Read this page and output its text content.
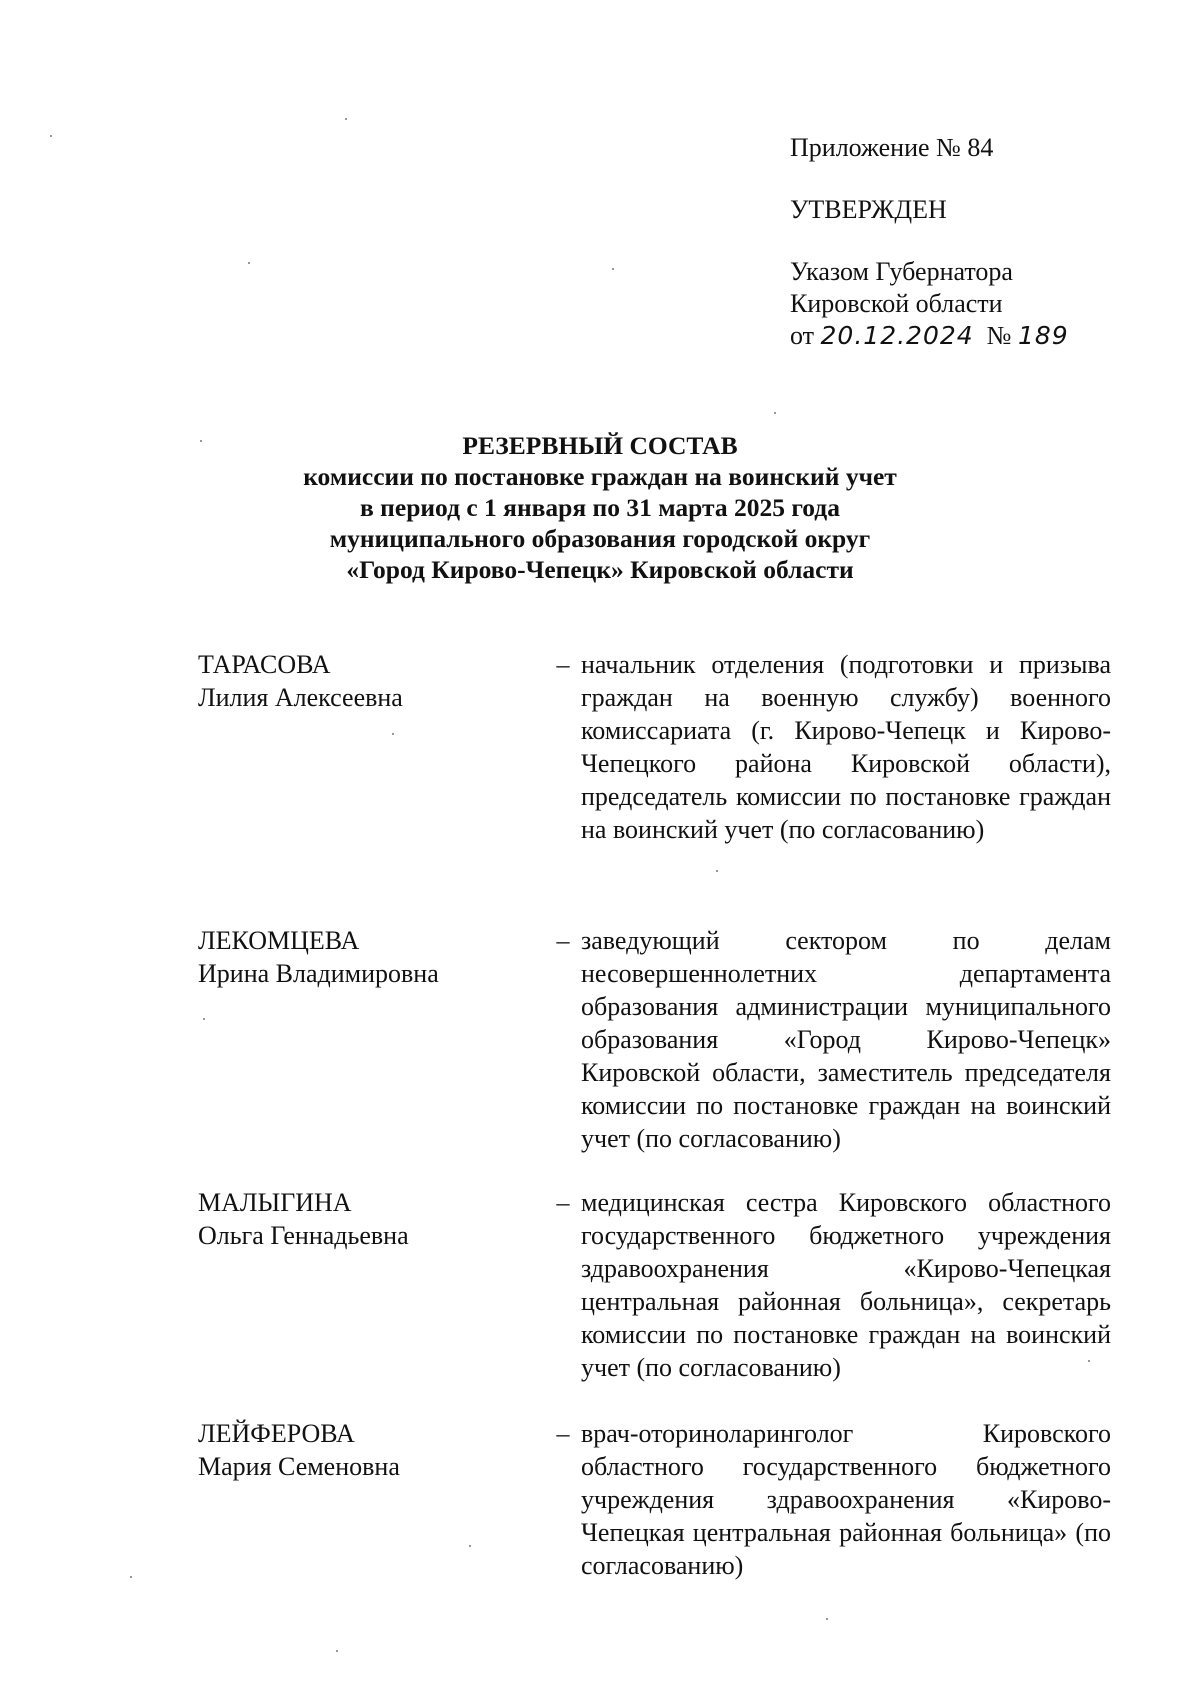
Приложение № 84
УТВЕРЖДЕН
Указом Губернатора
Кировской области
от 20.12.2024 № 189
РЕЗЕРВНЫЙ СОСТАВ
комиссии по постановке граждан на воинский учет
в период с 1 января по 31 марта 2025 года
муниципального образования городской округ
«Город Кирово-Чепецк» Кировской области
ТАРАСОВА
Лилия Алексеевна
– начальник отделения (подготовки и призыва граждан на военную службу) военного комиссариата (г. Кирово-Чепецк и Кирово-Чепецкого района Кировской области), председатель комиссии по постановке граждан на воинский учет (по согласованию)
ЛЕКОМЦЕВА
Ирина Владимировна
– заведующий сектором по делам несовершеннолетних департамента образования администрации муниципального образования «Город Кирово-Чепецк» Кировской области, заместитель председателя комиссии по постановке граждан на воинский учет (по согласованию)
МАЛЫГИНА
Ольга Геннадьевна
– медицинская сестра Кировского областного государственного бюджетного учреждения здравоохранения «Кирово-Чепецкая центральная районная больница», секретарь комиссии по постановке граждан на воинский учет (по согласованию)
ЛЕЙФЕРОВА
Мария Семеновна
– врач-оториноларинголог Кировского областного государственного бюджетного учреждения здравоохранения «Кирово-Чепецкая центральная районная больница» (по согласованию)
